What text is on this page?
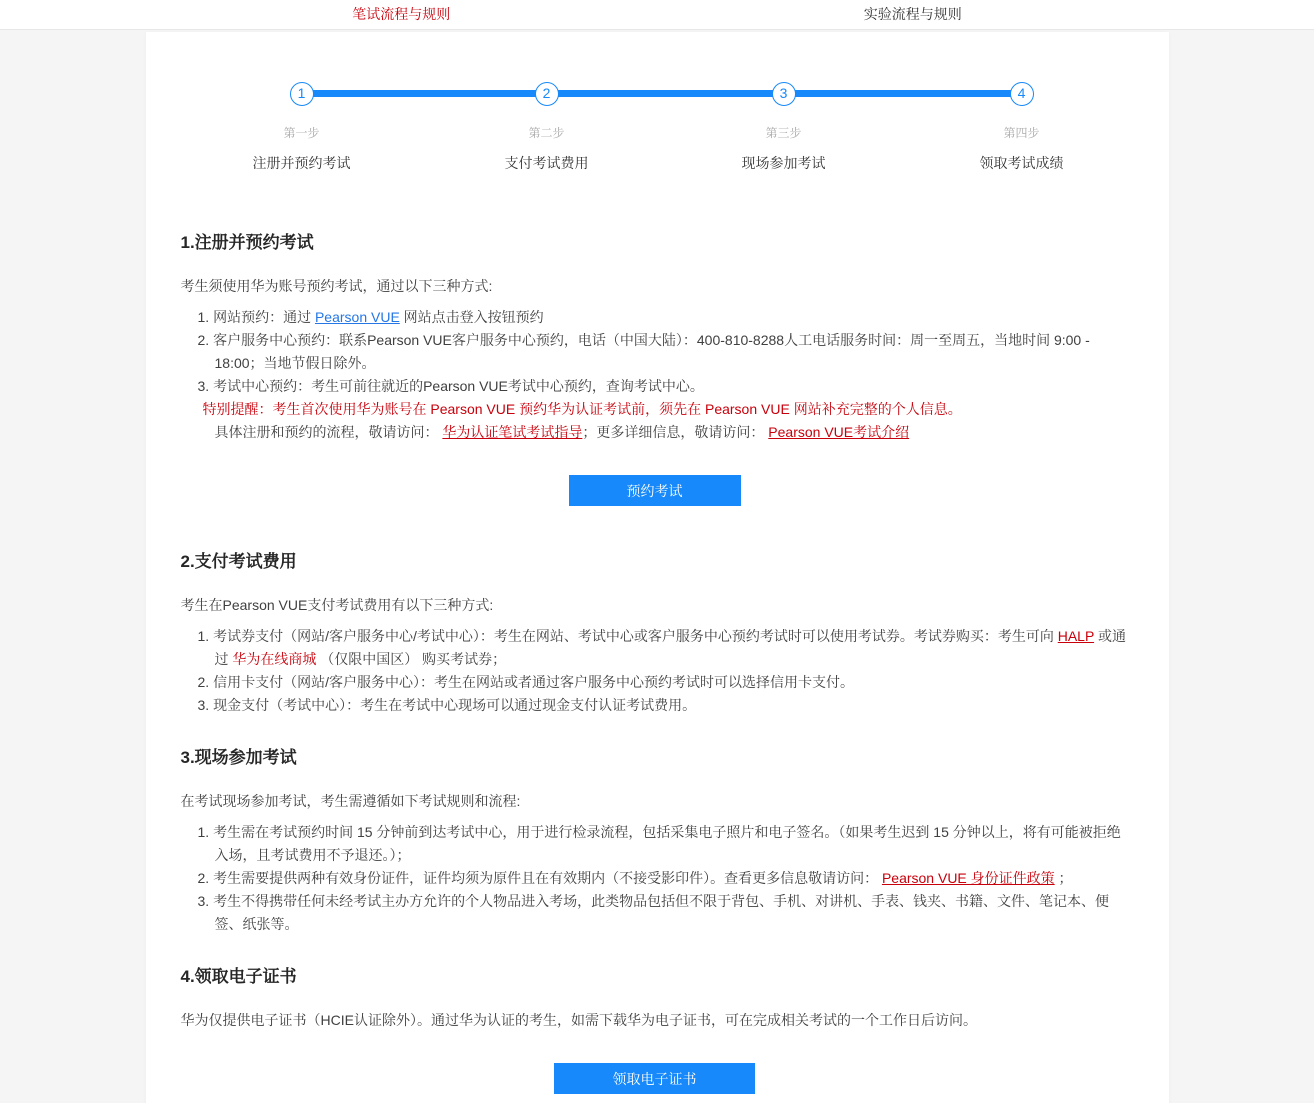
笔试流程与规则	实验流程与规则
1
第一步
注册并预约考试
2
第二步
支付考试费用
3
第三步
现场参加考试
4
第四步
领取考试成绩
1.注册并预约考试

考生须使用华为账号预约考试，通过以下三种方式:

1. 网站预约：通过 Pearson VUE 网站点击登入按钮预约
2. 客户服务中心预约：联系Pearson VUE客户服务中心预约，电话（中国大陆）：400-810-8288人工电话服务时间：周一至周五，当地时间 9:00 - 18:00；当地节假日除外。
3. 考试中心预约：考生可前往就近的Pearson VUE考试中心预约，查询考试中心。
特别提醒：考生首次使用华为账号在 Pearson VUE 预约华为认证考试前，须先在 Pearson VUE 网站补充完整的个人信息。
具体注册和预约的流程，敬请访问： 华为认证笔试考试指导；更多详细信息，敬请访问： Pearson VUE考试介绍
预约考试
2.支付考试费用

考生在Pearson VUE支付考试费用有以下三种方式:

1. 考试券支付（网站/客户服务中心/考试中心）：考生在网站、考试中心或客户服务中心预约考试时可以使用考试券。考试券购买：考生可向 HALP 或通过 华为在线商城 （仅限中国区） 购买考试券；
2. 信用卡支付（网站/客户服务中心）：考生在网站或者通过客户服务中心预约考试时可以选择信用卡支付。
3. 现金支付（考试中心）：考生在考试中心现场可以通过现金支付认证考试费用。
3.现场参加考试

在考试现场参加考试，考生需遵循如下考试规则和流程:

1. 考生需在考试预约时间 15 分钟前到达考试中心，用于进行检录流程，包括采集电子照片和电子签名。（如果考生迟到 15 分钟以上，将有可能被拒绝入场，且考试费用不予退还。）；
2. 考生需要提供两种有效身份证件，证件均须为原件且在有效期内（不接受影印件）。查看更多信息敬请访问： Pearson VUE 身份证件政策 ；
3. 考生不得携带任何未经考试主办方允许的个人物品进入考场，此类物品包括但不限于背包、手机、对讲机、手表、钱夹、书籍、文件、笔记本、便签、纸张等。
4.领取电子证书

华为仅提供电子证书（HCIE认证除外）。通过华为认证的考生，如需下载华为电子证书，可在完成相关考试的一个工作日后访问。

领取电子证书
